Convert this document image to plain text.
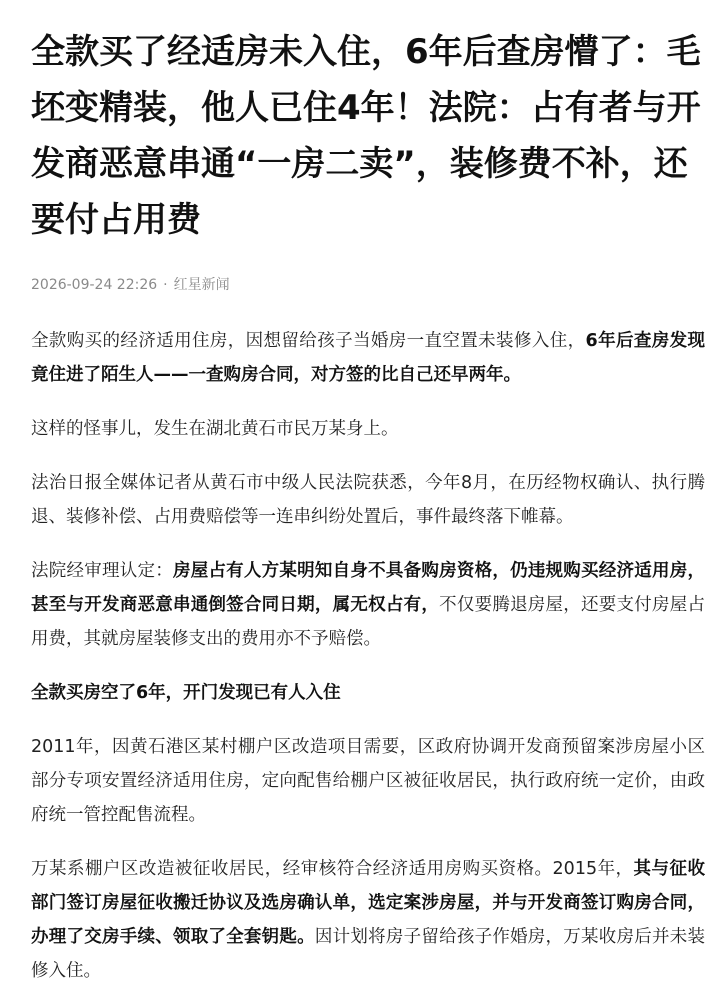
全款买了经适房未入住，6年后查房懵了：毛坯变精装，他人已住4年！法院：占有者与开发商恶意串通“一房二卖”，装修费不补，还要付占用费
2026-09-24 22:26 · 红星新闻

全款购买的经济适用住房，因想留给孩子当婚房一直空置未装修入住，6年后查房发现竟住进了陌生人——一查购房合同，对方签的比自己还早两年。

这样的怪事儿，发生在湖北黄石市民万某身上。

法治日报全媒体记者从黄石市中级人民法院获悉，今年8月，在历经物权确认、执行腾退、装修补偿、占用费赔偿等一连串纠纷处置后，事件最终落下帷幕。

法院经审理认定：房屋占有人方某明知自身不具备购房资格，仍违规购买经济适用房，甚至与开发商恶意串通倒签合同日期，属无权占有，不仅要腾退房屋，还要支付房屋占用费，其就房屋装修支出的费用亦不予赔偿。

全款买房空了6年，开门发现已有人入住

2011年，因黄石港区某村棚户区改造项目需要，区政府协调开发商预留案涉房屋小区部分专项安置经济适用住房，定向配售给棚户区被征收居民，执行政府统一定价，由政府统一管控配售流程。

万某系棚户区改造被征收居民，经审核符合经济适用房购买资格。2015年，其与征收部门签订房屋征收搬迁协议及选房确认单，选定案涉房屋，并与开发商签订购房合同，办理了交房手续、领取了全套钥匙。因计划将房子留给孩子作婚房，万某收房后并未装修入住。
